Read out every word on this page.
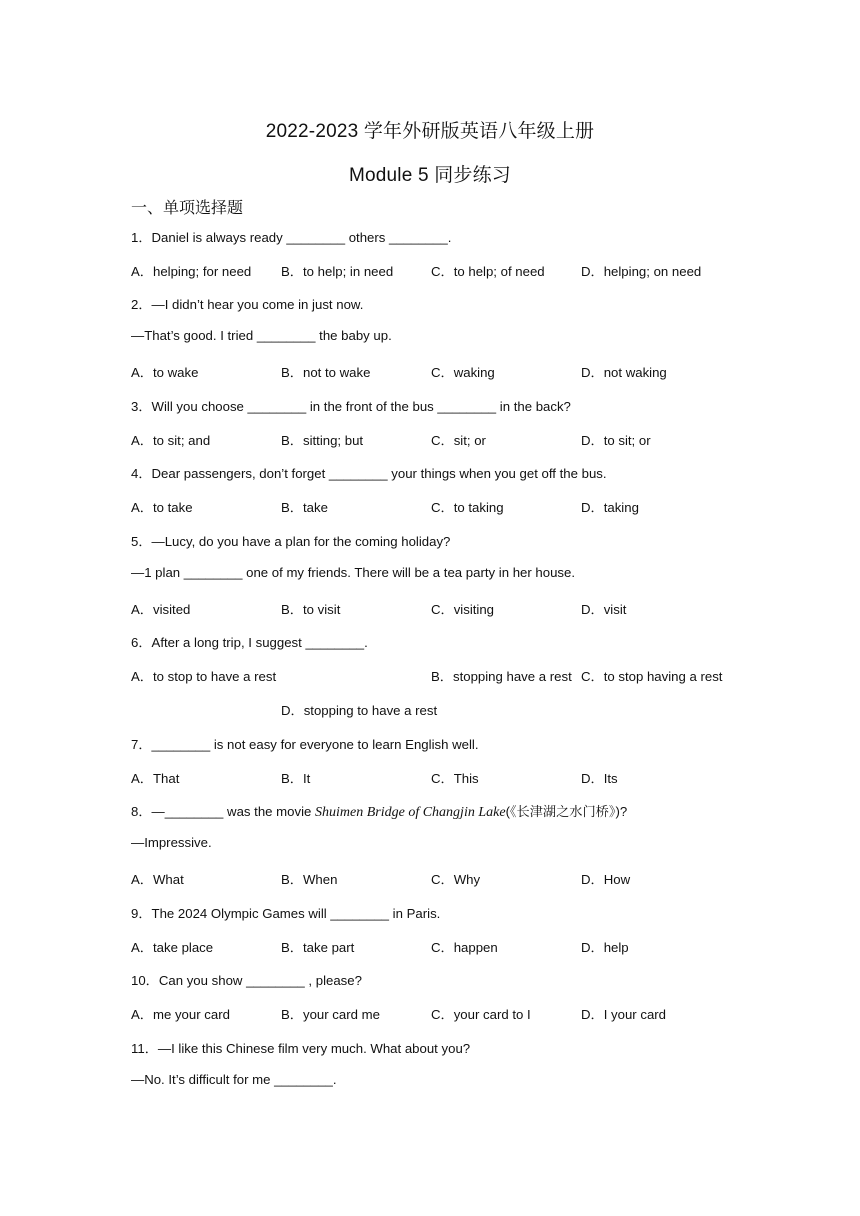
2022-2023 学年外研版英语八年级上册
Module 5 同步练习
一、单项选择题
1．Daniel is always ready ________ others ________.
A．helping; for need B．to help; in need	C．to help; of need	D．helping; on need
2．—I didn’t hear you come in just now.
—That’s good. I tried ________ the baby up.
A．to wake	B．not to wake	C．waking	D．not waking
3．Will you choose ________ in the front of the bus ________ in the back?
A．to sit; and	B．sitting; but	C．sit; or	D．to sit; or
4．Dear passengers, don’t forget ________ your things when you get off the bus.
A．to take	B．take	C．to taking	D．taking
5．—Lucy, do you have a plan for the coming holiday?
—1 plan ________ one of my friends. There will be a tea party in her house.
A．visited	B．to visit	C．visiting	D．visit
6．After a long trip, I suggest ________.
A．to stop to have a rest	B．stopping have a rest C．to stop having a rest
D．stopping to have a rest
7．________ is not easy for everyone to learn English well.
A．That	B．It	C．This	D．Its
8．—________ was the movie Shuimen Bridge of Changjin Lake(《长津湖之水门桥》)?
—Impressive.
A．What	B．When	C．Why	D．How
9．The 2024 Olympic Games will ________ in Paris.
A．take place	B．take part	C．happen	D．help
10．Can you show ________ , please?
A．me your card	B．your card me	C．your card to I	D．I your card
11．—I like this Chinese film very much. What about you?
—No. It’s difficult for me ________.
